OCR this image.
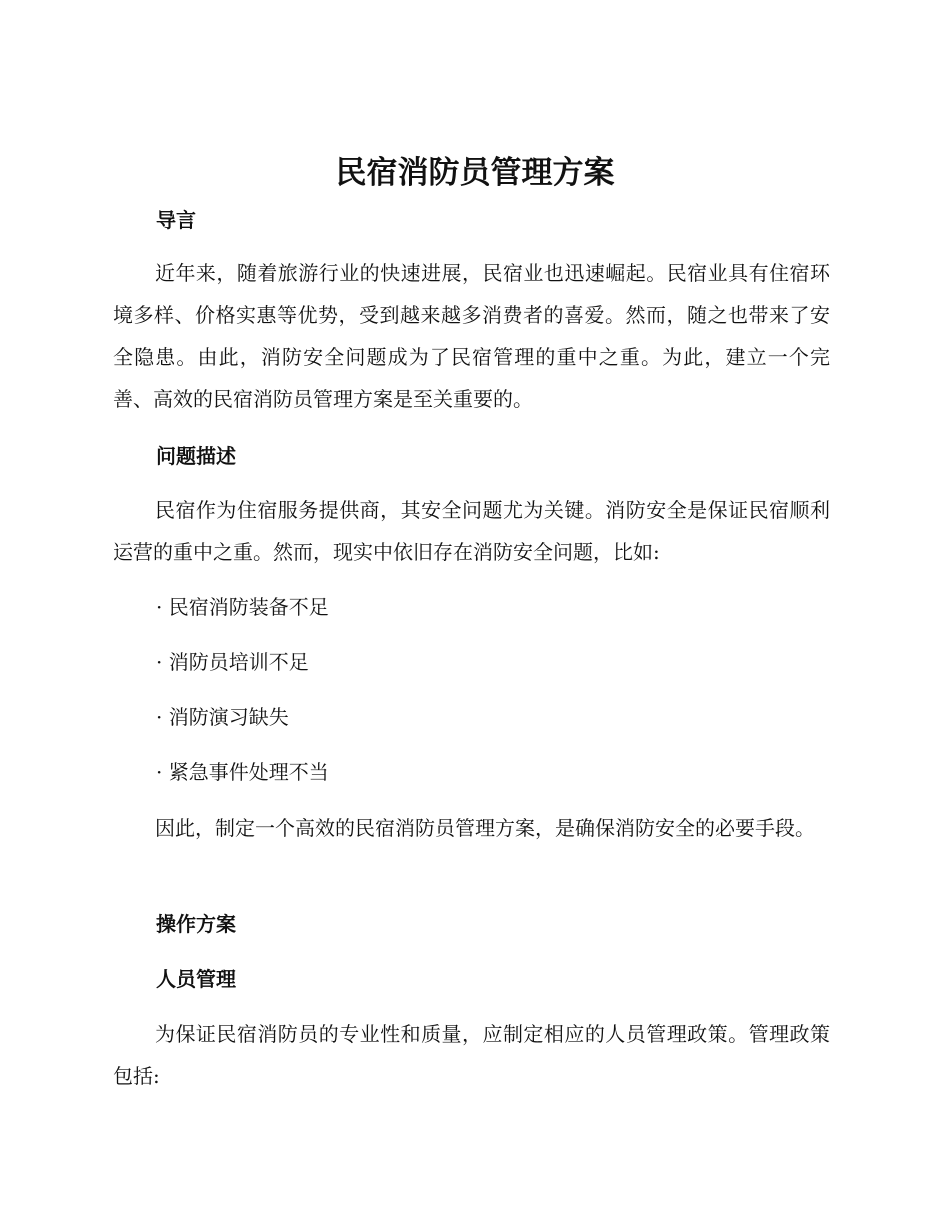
民宿消防员管理方案
导言
近年来，随着旅游行业的快速进展，民宿业也迅速崛起。民宿业具有住宿环境多样、价格实惠等优势，受到越来越多消费者的喜爱。然而，随之也带来了安全隐患。由此，消防安全问题成为了民宿管理的重中之重。为此，建立一个完善、高效的民宿消防员管理方案是至关重要的。
问题描述
民宿作为住宿服务提供商，其安全问题尤为关键。消防安全是保证民宿顺利运营的重中之重。然而，现实中依旧存在消防安全问题，比如:
· 民宿消防装备不足
· 消防员培训不足
· 消防演习缺失
· 紧急事件处理不当
因此，制定一个高效的民宿消防员管理方案，是确保消防安全的必要手段。
操作方案
人员管理
为保证民宿消防员的专业性和质量，应制定相应的人员管理政策。管理政策包括:
